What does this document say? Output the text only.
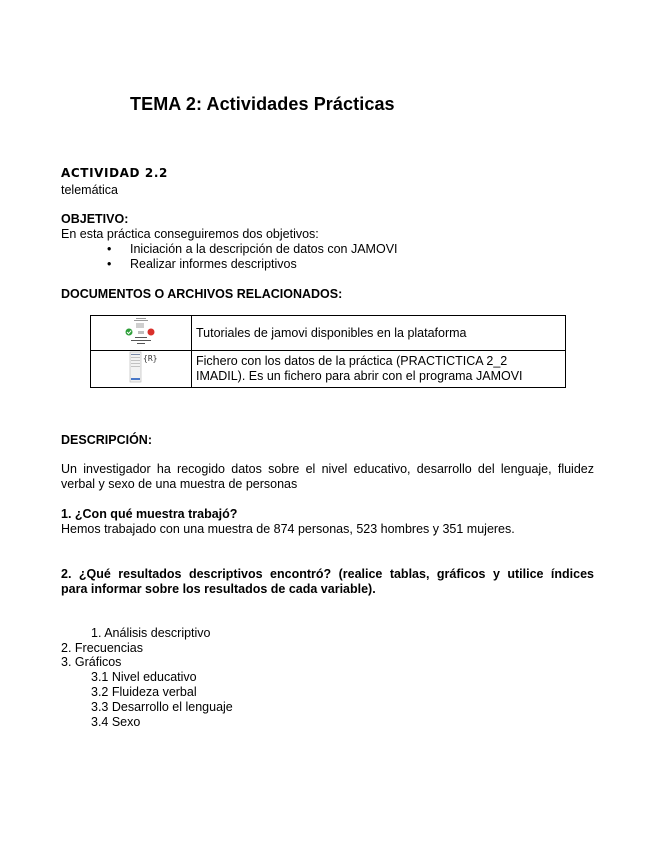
TEMA 2: Actividades Prácticas
ACTIVIDAD 2.2
telemática
OBJETIVO:
En esta práctica conseguiremos dos objetivos:
• Iniciación a la descripción de datos con JAMOVI
• Realizar informes descriptivos
DOCUMENTOS O ARCHIVOS RELACIONADOS:
	Tutoriales de jamovi disponibles en la plataforma

{R}	Fichero con los datos de la práctica (PRACTICTICA 2_2
IMADIL). Es un fichero para abrir con el programa JAMOVI
DESCRIPCIÓN:
Un investigador ha recogido datos sobre el nivel educativo, desarrollo del lenguaje, fluidez
verbal y sexo de una muestra de personas
1. ¿Con qué muestra trabajó?
Hemos trabajado con una muestra de 874 personas, 523 hombres y 351 mujeres.
2. ¿Qué resultados descriptivos encontró? (realice tablas, gráficos y utilice índices
para informar sobre los resultados de cada variable).
1. Análisis descriptivo
2. Frecuencias
3. Gráficos
3.1 Nivel educativo
3.2 Fluideza verbal
3.3 Desarrollo el lenguaje
3.4 Sexo
